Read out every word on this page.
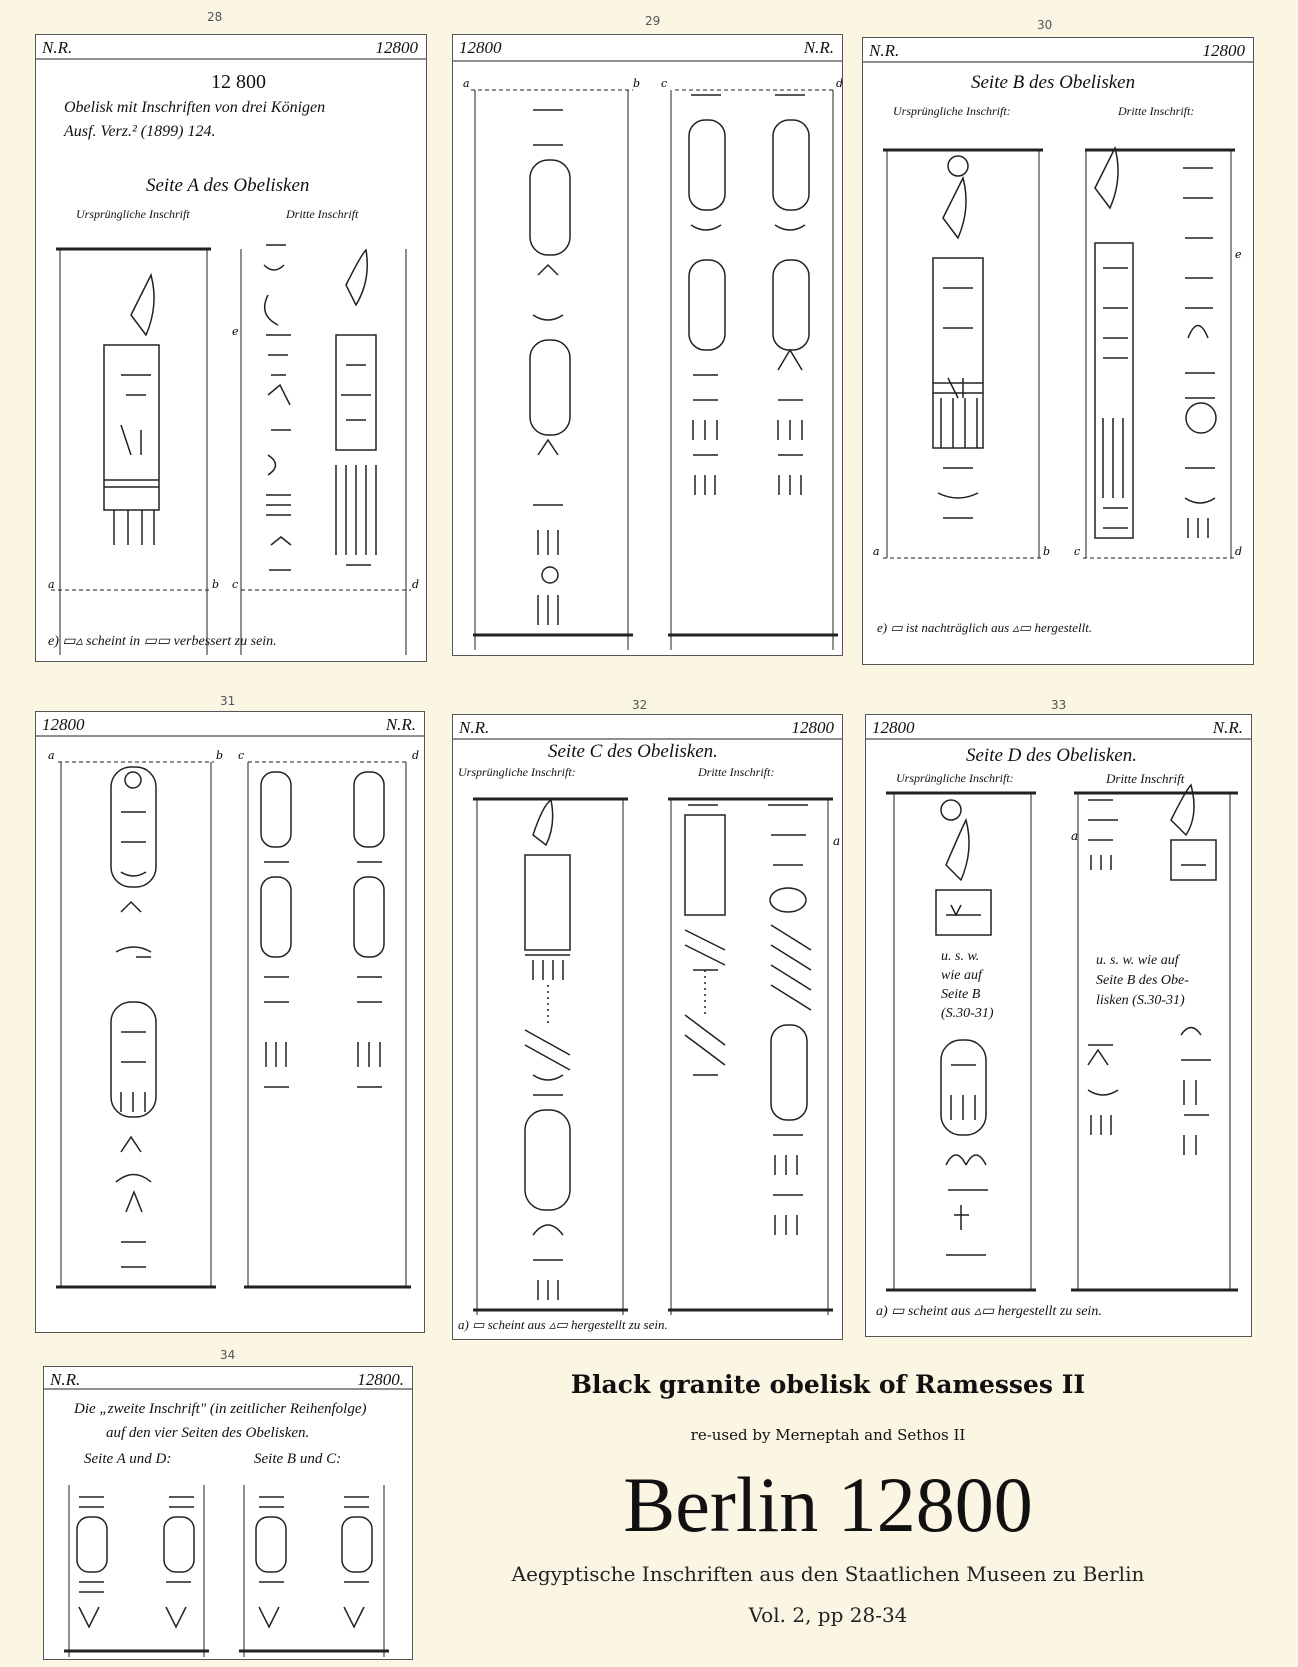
28	29	30
31	32	33
34
a	b c	d
e
N.R.	12800
12 800
Obelisk mit Inschriften von drei Königen
Ausf. Verz.² (1899) 124.
Seite A des Obelisken
Ursprüngliche Inschrift	Dritte Inschrift
e) ▭▵ scheint in ▭▭ verbessert zu sein.
a	b c	d
12800	N.R.
a	b c	d
e
N.R.	12800
Seite B des Obelisken
Ursprüngliche Inschrift:	Dritte Inschrift:
e) ▭ ist nachträglich aus ▵▭ hergestellt.
a	b c	d
12800	N.R.
a
N.R.	12800
Seite C des Obelisken.
Ursprüngliche Inschrift:	Dritte Inschrift:
a) ▭ scheint aus ▵▭ hergestellt zu sein.
a
12800	N.R.
Seite D des Obelisken.
Ursprüngliche Inschrift:	Dritte Inschrift
u. s. w.
wie auf
Seite B
(S.30-31)
u. s. w. wie auf
Seite B des Obe-
lisken (S.30-31)
a) ▭ scheint aus ▵▭ hergestellt zu sein.
N.R.	12800.
Die „zweite Inschrift" (in zeitlicher Reihenfolge)
auf den vier Seiten des Obelisken.
Seite A und D:	Seite B und C:
Black granite obelisk of Ramesses II
re-used by Merneptah and Sethos II
Berlin 12800
Aegyptische Inschriften aus den Staatlichen Museen zu Berlin
Vol. 2, pp 28-34
